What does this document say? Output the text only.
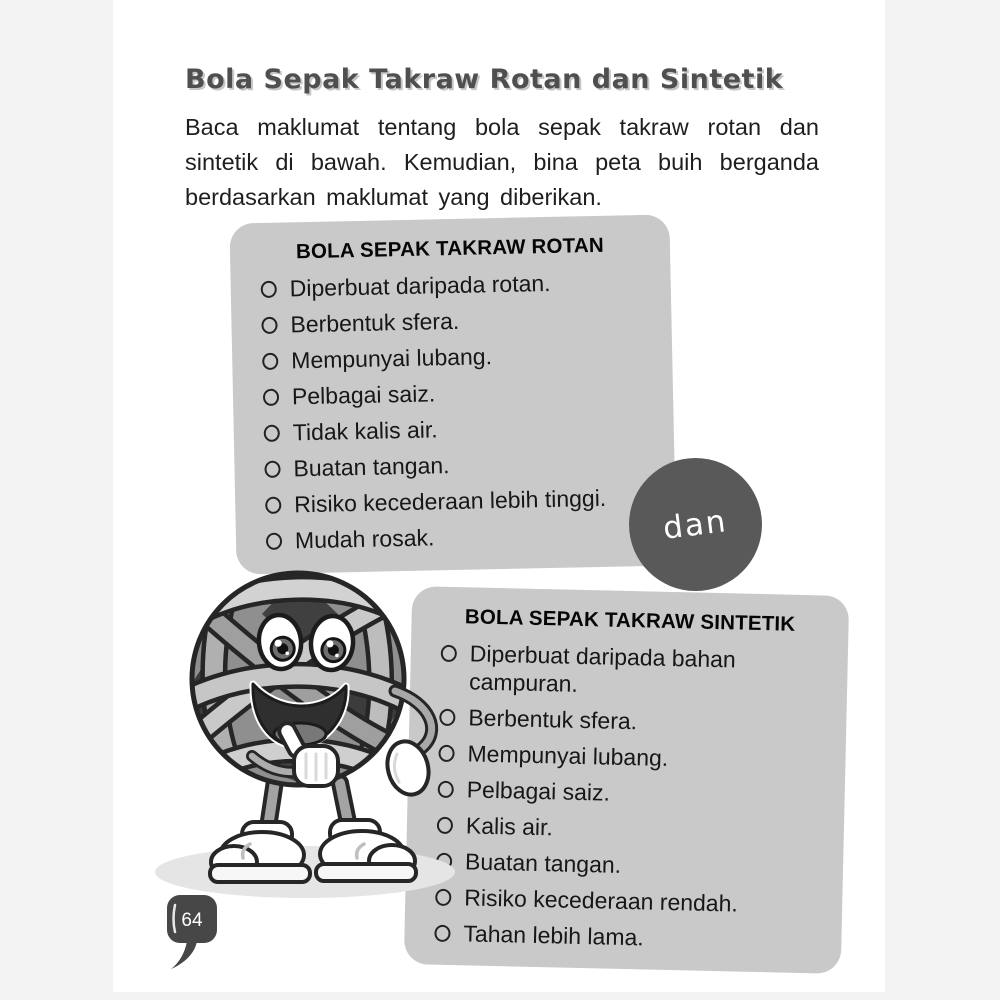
Bola Sepak Takraw Rotan dan Sintetik
Baca maklumat tentang bola sepak takraw rotan dan
sintetik di bawah. Kemudian, bina peta buih berganda
berdasarkan maklumat yang diberikan.
BOLA SEPAK TAKRAW ROTAN
Diperbuat daripada rotan.
Berbentuk sfera.
Mempunyai lubang.
Pelbagai saiz.
Tidak kalis air.
Buatan tangan.
Risiko kecederaan lebih tinggi.
Mudah rosak.
BOLA SEPAK TAKRAW SINTETIK
Diperbuat daripada bahan campuran.
Berbentuk sfera.
Mempunyai lubang.
Pelbagai saiz.
Kalis air.
Buatan tangan.
Risiko kecederaan rendah.
Tahan lebih lama.
dan
64
